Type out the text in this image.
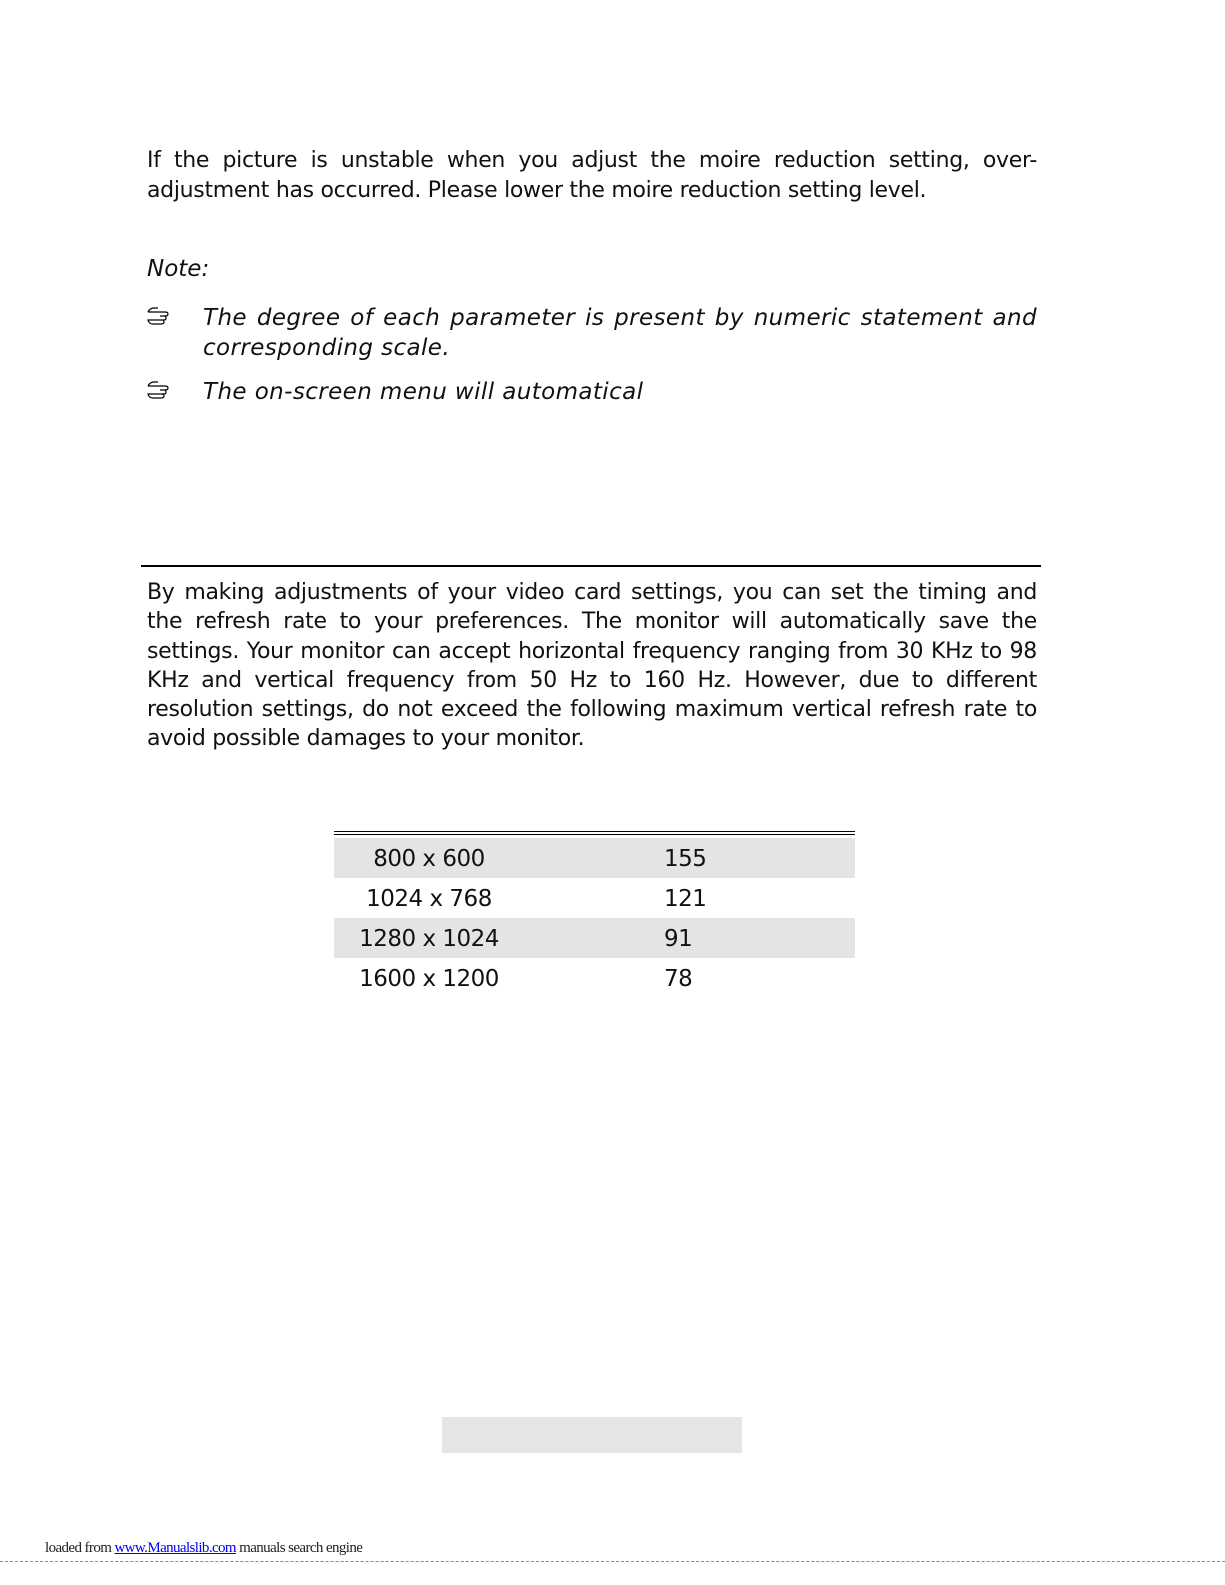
If the picture is unstable when you adjust the moire reduction setting, over-adjustment has occurred. Please lower the moire reduction setting level.
Note:
The degree of each parameter is present by numeric statement and corresponding scale.
The on-screen menu will automatical
By making adjustments of your video card settings, you can set the timing and the refresh rate to your preferences. The monitor will automatically save the settings. Your monitor can accept horizontal frequency ranging from 30 KHz to 98 KHz and vertical frequency from 50 Hz to 160 Hz. However, due to different resolution settings, do not exceed the following maximum vertical refresh rate to avoid possible damages to your monitor.
800 x 600	155
1024 x 768	121
1280 x 1024	91
1600 x 1200	78
loaded from www.Manualslib.com manuals search engine
